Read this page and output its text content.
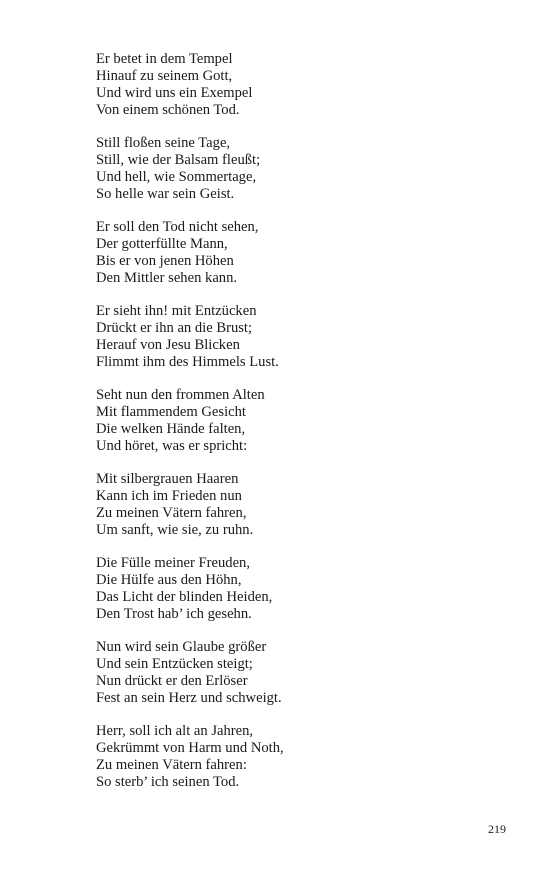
Er betet in dem Tempel
Hinauf zu seinem Gott,
Und wird uns ein Exempel
Von einem schönen Tod.
Still floßen seine Tage,
Still, wie der Balsam fleußt;
Und hell, wie Sommertage,
So helle war sein Geist.
Er soll den Tod nicht sehen,
Der gotterfüllte Mann,
Bis er von jenen Höhen
Den Mittler sehen kann.
Er sieht ihn! mit Entzücken
Drückt er ihn an die Brust;
Herauf von Jesu Blicken
Flimmt ihm des Himmels Lust.
Seht nun den frommen Alten
Mit flammendem Gesicht
Die welken Hände falten,
Und höret, was er spricht:
Mit silbergrauen Haaren
Kann ich im Frieden nun
Zu meinen Vätern fahren,
Um sanft, wie sie, zu ruhn.
Die Fülle meiner Freuden,
Die Hülfe aus den Höhn,
Das Licht der blinden Heiden,
Den Trost hab’ ich gesehn.
Nun wird sein Glaube größer
Und sein Entzücken steigt;
Nun drückt er den Erlöser
Fest an sein Herz und schweigt.
Herr, soll ich alt an Jahren,
Gekrümmt von Harm und Noth,
Zu meinen Vätern fahren:
So sterb’ ich seinen Tod.
219
